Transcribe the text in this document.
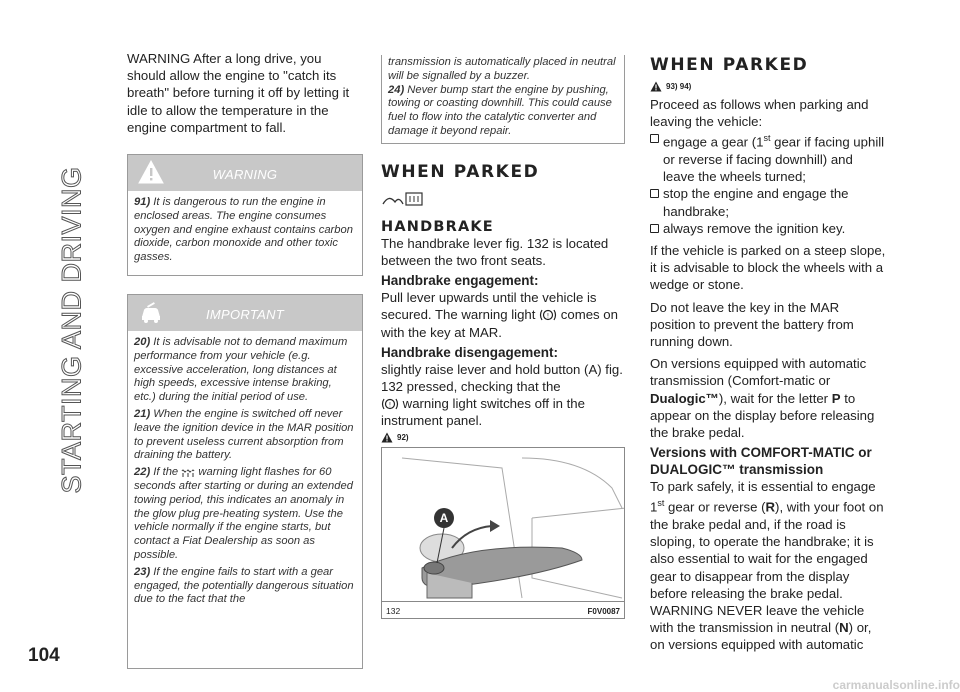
STARTING AND DRIVING
104

WARNING After a long drive, you should allow the engine to "catch its breath" before turning it off by letting it idle to allow the temperature in the engine compartment to fall.

WARNING

91) It is dangerous to run the engine in enclosed areas. The engine consumes oxygen and engine exhaust contains carbon dioxide, carbon monoxide and other toxic gasses.

IMPORTANT

20) It is advisable not to demand maximum performance from your vehicle (e.g. excessive acceleration, long distances at high speeds, excessive intense braking, etc.) during the initial period of use.

21) When the engine is switched off never leave the ignition device in the MAR position to prevent useless current absorption from draining the battery.

22) If the warning light flashes for 60 seconds after starting or during an extended towing period, this indicates an anomaly in the glow plug pre-heating system. Use the vehicle normally if the engine starts, but contact a Fiat Dealership as soon as possible.

23) If the engine fails to start with a gear engaged, the potentially dangerous situation due to the fact that the

transmission is automatically placed in neutral will be signalled by a buzzer.

24) Never bump start the engine by pushing, towing or coasting downhill. This could cause fuel to flow into the catalytic converter and damage it beyond repair.

WHEN PARKED
HANDBRAKE

The handbrake lever fig. 132 is located between the two front seats.

Handbrake engagement:

Pull lever upwards until the vehicle is secured. The warning light ! comes on with the key at MAR.

Handbrake disengagement:

slightly raise lever and hold button (A) fig. 132 pressed, checking that the

! warning light switches off in the instrument panel.

92)
A
132	F0V0087
WHEN PARKED
93) 94)

Proceed as follows when parking and leaving the vehicle:

engage a gear (1st gear if facing uphill or reverse if facing downhill) and leave the wheels turned;
stop the engine and engage the handbrake;
always remove the ignition key.

If the vehicle is parked on a steep slope, it is advisable to block the wheels with a wedge or stone.

Do not leave the key in the MAR position to prevent the battery from running down.

On versions equipped with automatic transmission (Comfort-matic or Dualogic™), wait for the letter P to appear on the display before releasing the brake pedal.

Versions with COMFORT-MATIC or DUALOGIC™ transmission

To park safely, it is essential to engage 1st gear or reverse (R), with your foot on the brake pedal and, if the road is sloping, to operate the handbrake; it is also essential to wait for the engaged gear to disappear from the display before releasing the brake pedal.

WARNING NEVER leave the vehicle with the transmission in neutral (N) or, on versions equipped with automatic

carmanualsonline.info
